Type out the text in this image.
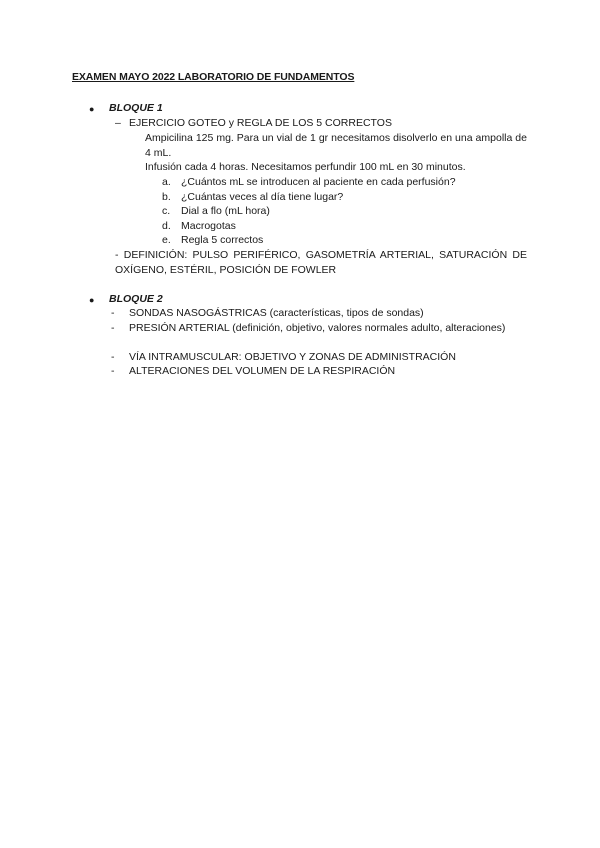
EXAMEN MAYO 2022 LABORATORIO DE FUNDAMENTOS
● BLOQUE 1
– EJERCICIO GOTEO y REGLA DE LOS 5 CORRECTOS
Ampicilina 125 mg. Para un vial de 1 gr necesitamos disolverlo en una ampolla de 4 mL.
Infusión cada 4 horas. Necesitamos perfundir 100 mL en 30 minutos.
a. ¿Cuántos mL se introducen al paciente en cada perfusión?
b. ¿Cuántas veces al día tiene lugar?
c. Dial a flo (mL hora)
d. Macrogotas
e. Regla 5 correctos
- DEFINICIÓN: PULSO PERIFÉRICO, GASOMETRÍA ARTERIAL, SATURACIÓN DE OXÍGENO, ESTÉRIL, POSICIÓN DE FOWLER
● BLOQUE 2
- SONDAS NASOGÁSTRICAS (características, tipos de sondas)
- PRESIÓN ARTERIAL (definición, objetivo, valores normales adulto, alteraciones)
- VÍA INTRAMUSCULAR: OBJETIVO Y ZONAS DE ADMINISTRACIÓN
- ALTERACIONES DEL VOLUMEN DE LA RESPIRACIÓN
